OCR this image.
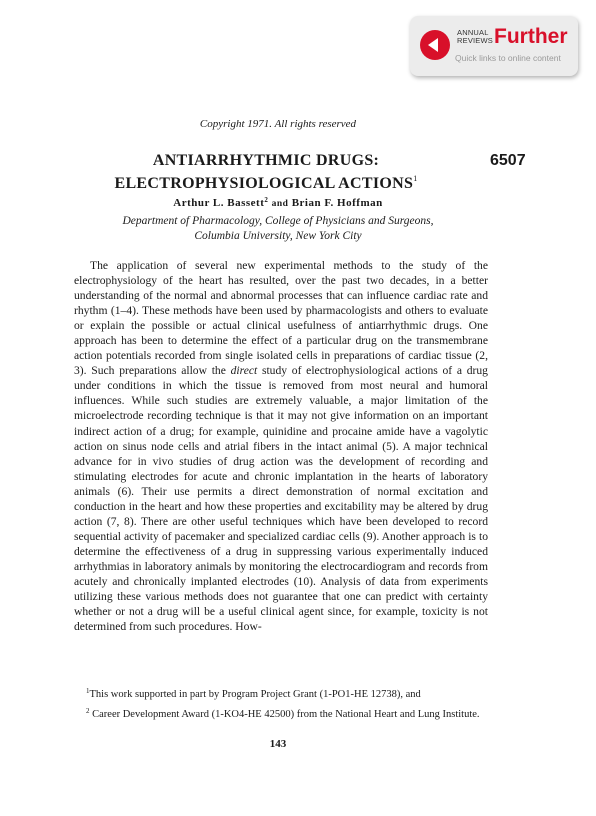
ANNUAL
REVIEWS Further
Quick links to online content
Copyright 1971. All rights reserved
ANTIARRHYTHMIC DRUGS:
ELECTROPHYSIOLOGICAL ACTIONS$^1$
6507
Arthur L. Bassett$^2$ and Brian F. Hoffman
Department of Pharmacology, College of Physicians and Surgeons,
Columbia University, New York City

The application of several new experimental methods to the study of the electrophysiology of the heart has resulted, over the past two decades, in a better understanding of the normal and abnormal processes that can influence cardiac rate and rhythm (1–4). These methods have been used by pharmacologists and others to evaluate or explain the possible or actual clinical usefulness of antiarrhythmic drugs. One approach has been to determine the effect of a particular drug on the transmembrane action potentials recorded from single isolated cells in preparations of cardiac tissue (2, 3). Such preparations allow the direct study of electrophysiological actions of a drug under conditions in which the tissue is removed from most neural and humoral influences. While such studies are extremely valuable, a major limitation of the microelectrode recording technique is that it may not give information on an important indirect action of a drug; for example, quinidine and procaine amide have a vagolytic action on sinus node cells and atrial fibers in the intact animal (5). A major technical advance for in vivo studies of drug action was the development of recording and stimulating electrodes for acute and chronic implantation in the hearts of laboratory animals (6). Their use permits a direct demonstration of normal excitation and conduction in the heart and how these properties and excitability may be altered by drug action (7, 8). There are other useful techniques which have been developed to record sequential activity of pacemaker and specialized cardiac cells (9). Another approach is to determine the effectiveness of a drug in suppressing various experimentally induced arrhythmias in laboratory animals by monitoring the electrocardiogram and records from acutely and chronically implanted electrodes (10). Analysis of data from experiments utilizing these various methods does not guarantee that one can predict with certainty whether or not a drug will be a useful clinical agent since, for example, toxicity is not determined from such procedures. How-

$^1$This work supported in part by Program Project Grant (1-PO1-HE 12738), and

$^2$ Career Development Award (1-KO4-HE 42500) from the National Heart and Lung Institute.

143
